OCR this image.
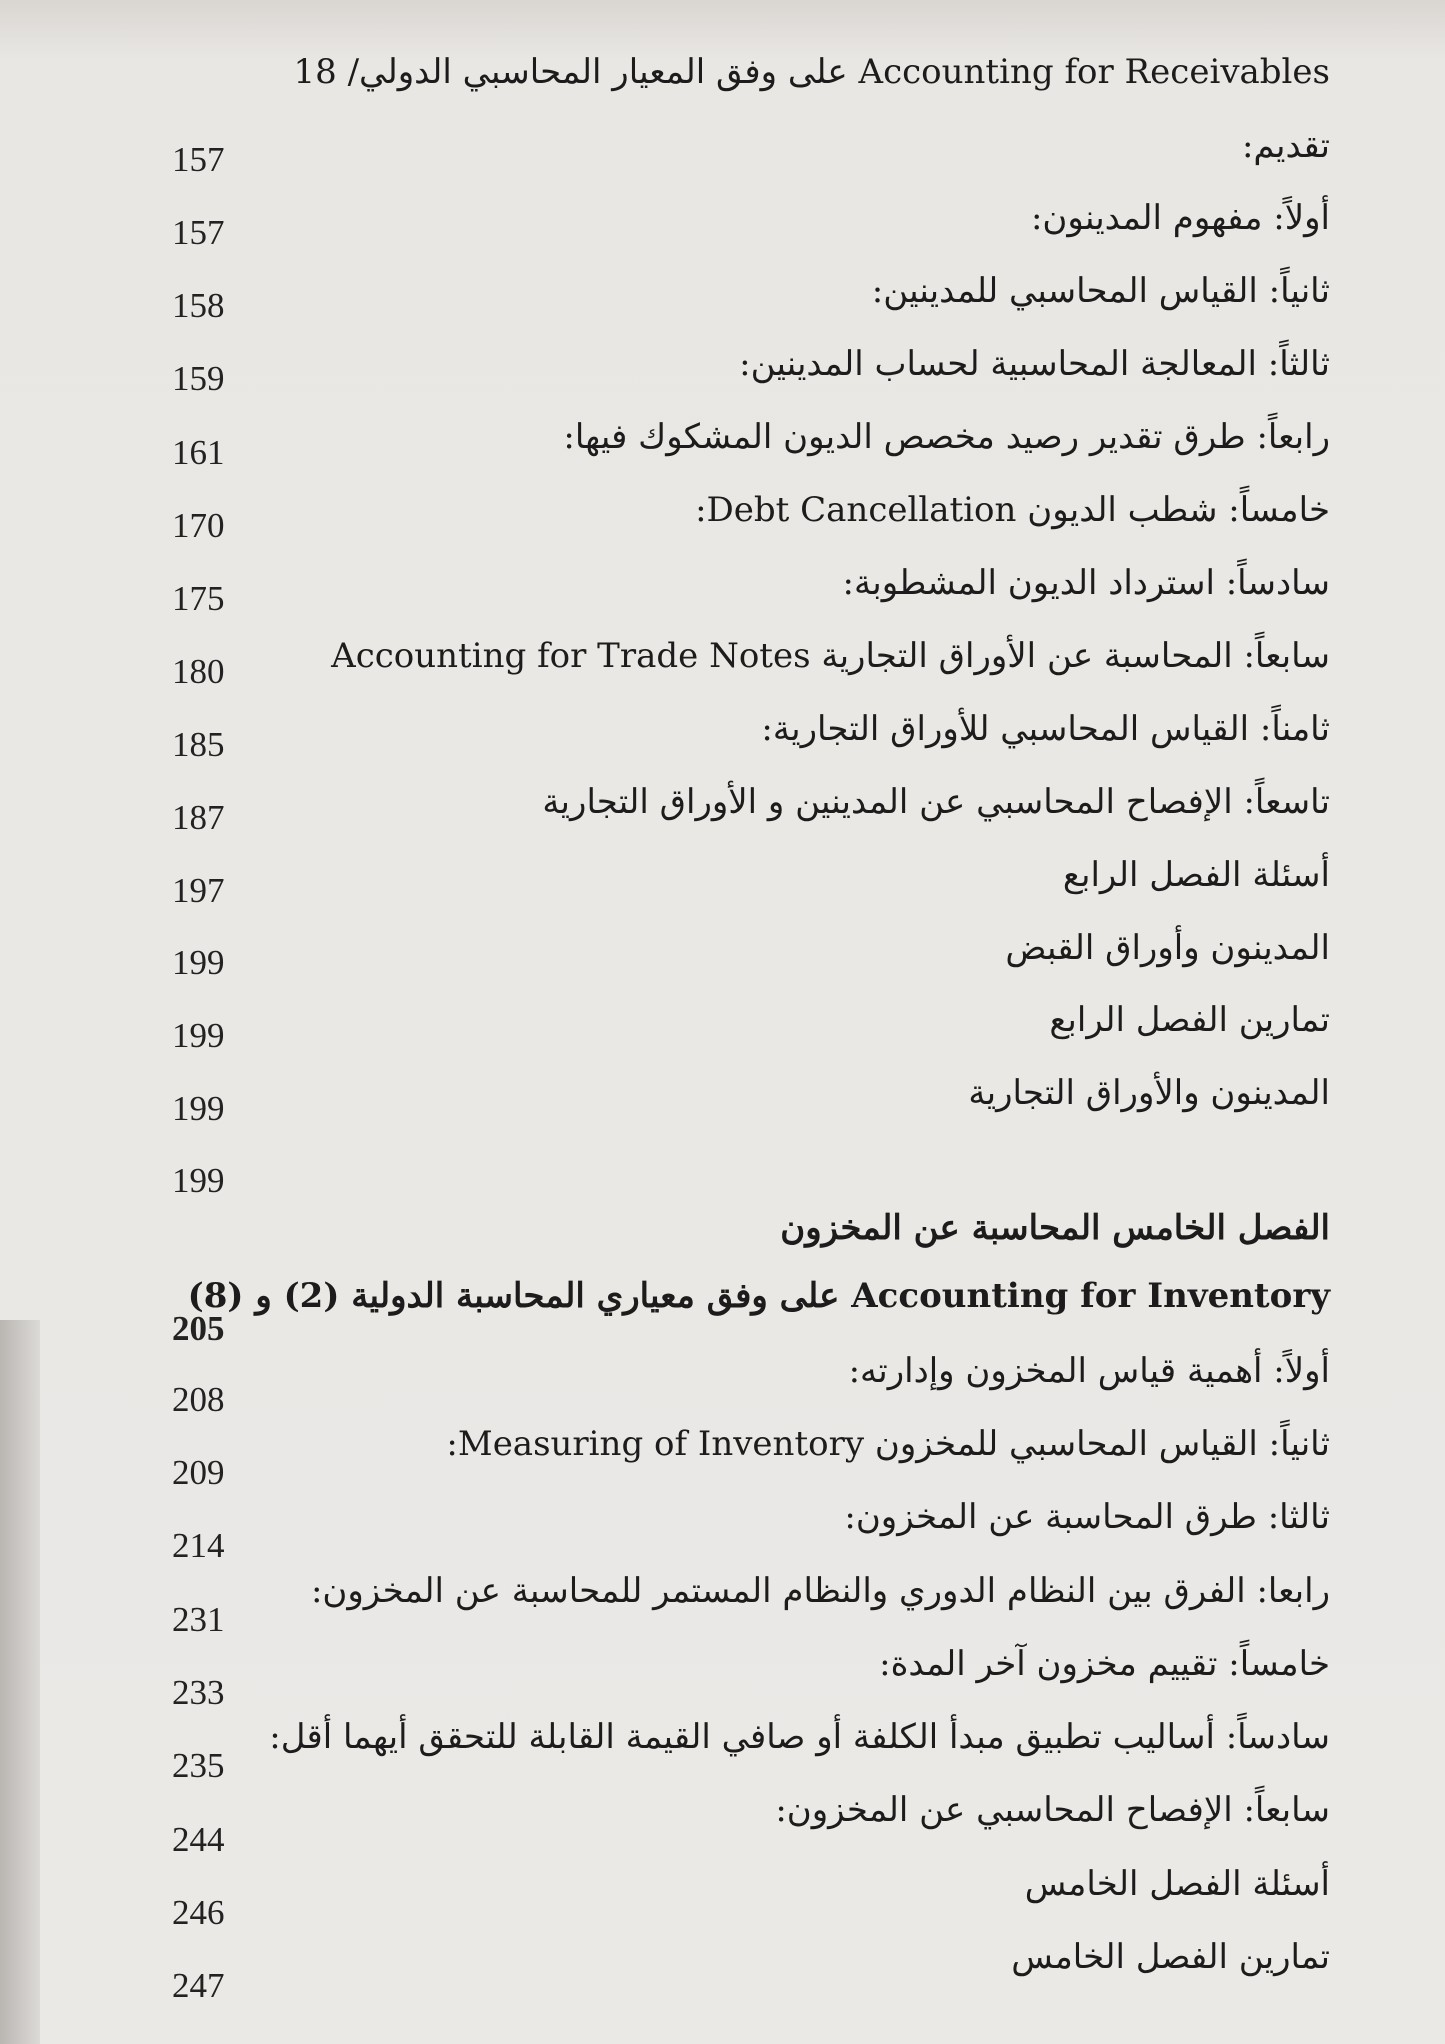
Accounting for Receivables على وفق المعيار المحاسبي الدولي/ 18
تقديم:
157
أولاً: مفهوم المدينون:
157
ثانياً: القياس المحاسبي للمدينين:
158
ثالثاً: المعالجة المحاسبية لحساب المدينين:
159
رابعاً: طرق تقدير رصيد مخصص الديون المشكوك فيها:
161
خامساً: شطب الديون Debt Cancellation:
170
سادساً: استرداد الديون المشطوبة:
175
سابعاً: المحاسبة عن الأوراق التجارية Accounting for Trade Notes
180
ثامناً: القياس المحاسبي للأوراق التجارية:
185
تاسعاً: الإفصاح المحاسبي عن المدينين و الأوراق التجارية
187
أسئلة الفصل الرابع
197
المدينون وأوراق القبض
199
تمارين الفصل الرابع
199
المدينون والأوراق التجارية
199
199
الفصل الخامس المحاسبة عن المخزون
Accounting for Inventory على وفق معياري المحاسبة الدولية (2) و (8)
205
أولاً: أهمية قياس المخزون وإدارته:
208
ثانياً: القياس المحاسبي للمخزون Measuring of Inventory:
209
ثالثا: طرق المحاسبة عن المخزون:
214
رابعا: الفرق بين النظام الدوري والنظام المستمر للمحاسبة عن المخزون:
231
خامساً: تقييم مخزون آخر المدة:
233
سادساً: أساليب تطبيق مبدأ الكلفة أو صافي القيمة القابلة للتحقق أيهما أقل:
235
سابعاً: الإفصاح المحاسبي عن المخزون:
244
أسئلة الفصل الخامس
246
تمارين الفصل الخامس
247
